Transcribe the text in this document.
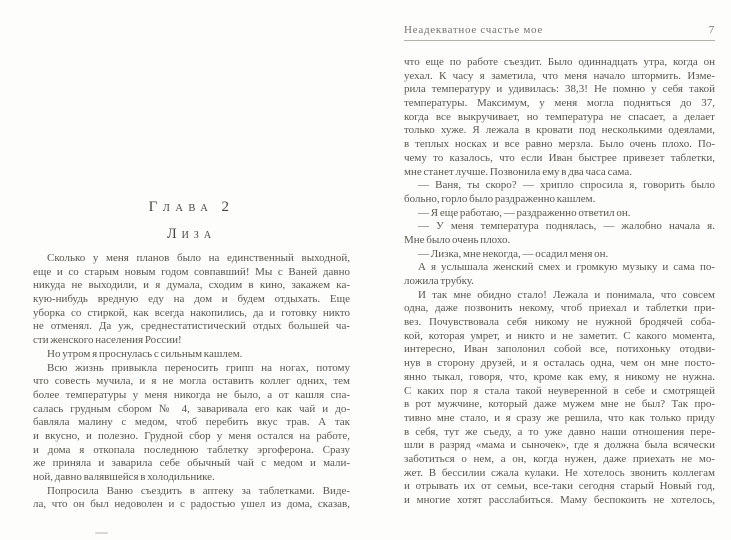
ГЛАВА 2
ЛИЗА
Сколько у меня планов было на единственный выходной,
еще и со старым новым годом совпавший! Мы с Ваней давно
никуда не выходили, и я думала, сходим в кино, закажем ка-
кую-нибудь вредную еду на дом и будем отдыхать. Еще
уборка со стиркой, как всегда накопились, да и готовку никто
не отменял. Да уж, среднестатистический отдых большей ча-
сти женского населения России!
Но утром я проснулась с сильным кашлем.
Всю жизнь привыкла переносить грипп на ногах, потому
что совесть мучила, и я не могла оставить коллег одних, тем
более температуры у меня никогда не было, а от кашля спа-
салась грудным сбором № 4, заваривала его как чай и до-
бавляла малину с медом, чтоб перебить вкус трав. А так
и вкусно, и полезно. Грудной сбор у меня остался на работе,
и дома я откопала последнюю таблетку эргоферона. Сразу
же приняла и заварила себе обычный чай с медом и мали-
ной, давно валявшейся в холодильнике.
Попросила Ваню съездить в аптеку за таблетками. Виде-
ла, что он был недоволен и с радостью ушел из дома, сказав,
Неадекватное счастье мое	7
что еще по работе съездит. Было одиннадцать утра, когда он
уехал. К часу я заметила, что меня начало штормить. Изме-
рила температуру и удивилась: 38,3! Не помню у себя такой
температуры. Максимум, у меня могла подняться до 37,
когда все выкручивает, но температура не спасает, а делает
только хуже. Я лежала в кровати под несколькими одеялами,
в теплых носках и все равно мерзла. Было очень плохо. По-
чему то казалось, что если Иван быстрее привезет таблетки,
мне станет лучше. Позвонила ему в два часа сама.
— Ваня, ты скоро? — хрипло спросила я, говорить было
больно, горло было раздраженно кашлем.
— Я еще работаю, — раздраженно ответил он.
— У меня температура поднялась, — жалобно начала я.
Мне было очень плохо.
— Лизка, мне некогда, — осадил меня он.
А я услышала женский смех и громкую музыку и сама по-
ложила трубку.
И так мне обидно стало! Лежала и понимала, что совсем
одна, даже позвонить некому, чтоб приехал и таблетки при-
вез. Почувствовала себя никому не нужной бродячей соба-
кой, которая умрет, и никто и не заметит. С какого момента,
интересно, Иван заполонил собой все, потихоньку отодви-
нув в сторону друзей, и я осталась одна, чем он мне посто-
янно тыкал, говоря, что, кроме как ему, я никому не нужна.
С каких пор я стала такой неуверенной в себе и смотрящей
в рот мужчине, который даже мужем мне не был? Так про-
тивно мне стало, и я сразу же решила, что как только приду
в себя, тут же съеду, а то уже давно наши отношения пере-
шли в разряд «мама и сыночек», где я должна была всячески
заботиться о нем, а он, когда нужен, даже приехать не мо-
жет. В бессилии сжала кулаки. Не хотелось звонить коллегам
и отрывать их от семьи, все-таки сегодня старый Новый год,
и многие хотят расслабиться. Маму беспокоить не хотелось,
